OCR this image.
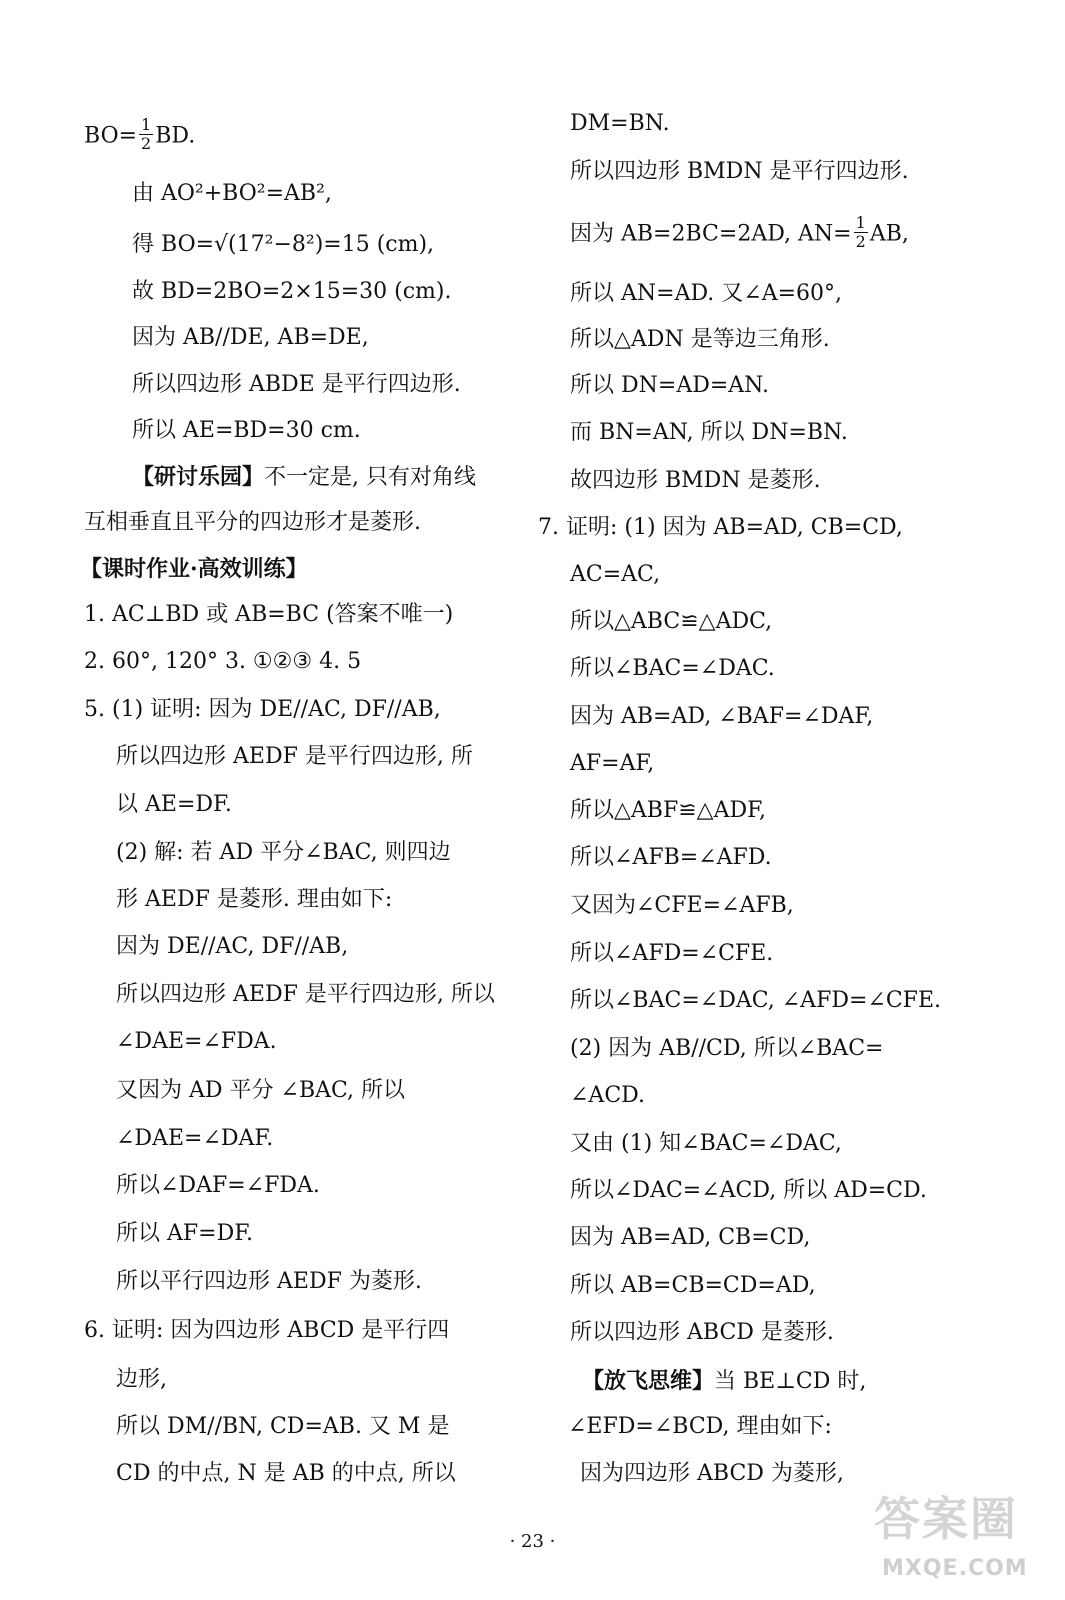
$BO= \frac{1}{2}$ BD.
由 AO²+BO²=AB²,
得 BO=√(17²−8²)=15 (cm),
故 BD=2BO=2×15=30 (cm).
因为 AB//DE, AB=DE,
所以四边形 ABDE 是平行四边形.
所以 AE=BD=30 cm.
【研讨乐园】不一定是, 只有对角线
互相垂直且平分的四边形才是菱形.
【课时作业·高效训练】
1. AC⊥BD 或 AB=BC (答案不唯一)
2. 60°, 120° 3. ①②③ 4. 5
5. (1) 证明: 因为 DE//AC, DF//AB,
所以四边形 AEDF 是平行四边形, 所
以 AE=DF.
(2) 解: 若 AD 平分∠BAC, 则四边
形 AEDF 是菱形. 理由如下:
因为 DE//AC, DF//AB,
所以四边形 AEDF 是平行四边形, 所以
∠DAE=∠FDA.
又因为 AD 平分 ∠BAC, 所以
∠DAE=∠DAF.
所以∠DAF=∠FDA.
所以 AF=DF.
所以平行四边形 AEDF 为菱形.
6. 证明: 因为四边形 ABCD 是平行四
边形,
所以 DM//BN, CD=AB. 又 M 是
CD 的中点, N 是 AB 的中点, 所以
DM=BN.
所以四边形 BMDN 是平行四边形.
因为 AB=2BC=2AD, $AN= \frac{1}{2}$ AB,
所以 AN=AD. 又∠A=60°,
所以△ADN 是等边三角形.
所以 DN=AD=AN.
而 BN=AN, 所以 DN=BN.
故四边形 BMDN 是菱形.
7. 证明: (1) 因为 AB=AD, CB=CD,
AC=AC,
所以△ABC≌△ADC,
所以∠BAC=∠DAC.
因为 AB=AD, ∠BAF=∠DAF,
AF=AF,
所以△ABF≌△ADF,
所以∠AFB=∠AFD.
又因为∠CFE=∠AFB,
所以∠AFD=∠CFE.
所以∠BAC=∠DAC, ∠AFD=∠CFE.
(2) 因为 AB//CD, 所以∠BAC=
∠ACD.
又由 (1) 知∠BAC=∠DAC,
所以∠DAC=∠ACD, 所以 AD=CD.
因为 AB=AD, CB=CD,
所以 AB=CB=CD=AD,
所以四边形 ABCD 是菱形.
【放飞思维】当 BE⊥CD 时,
∠EFD=∠BCD, 理由如下:
因为四边形 ABCD 为菱形,
· 23 ·	答案圈
MXQE.COM
